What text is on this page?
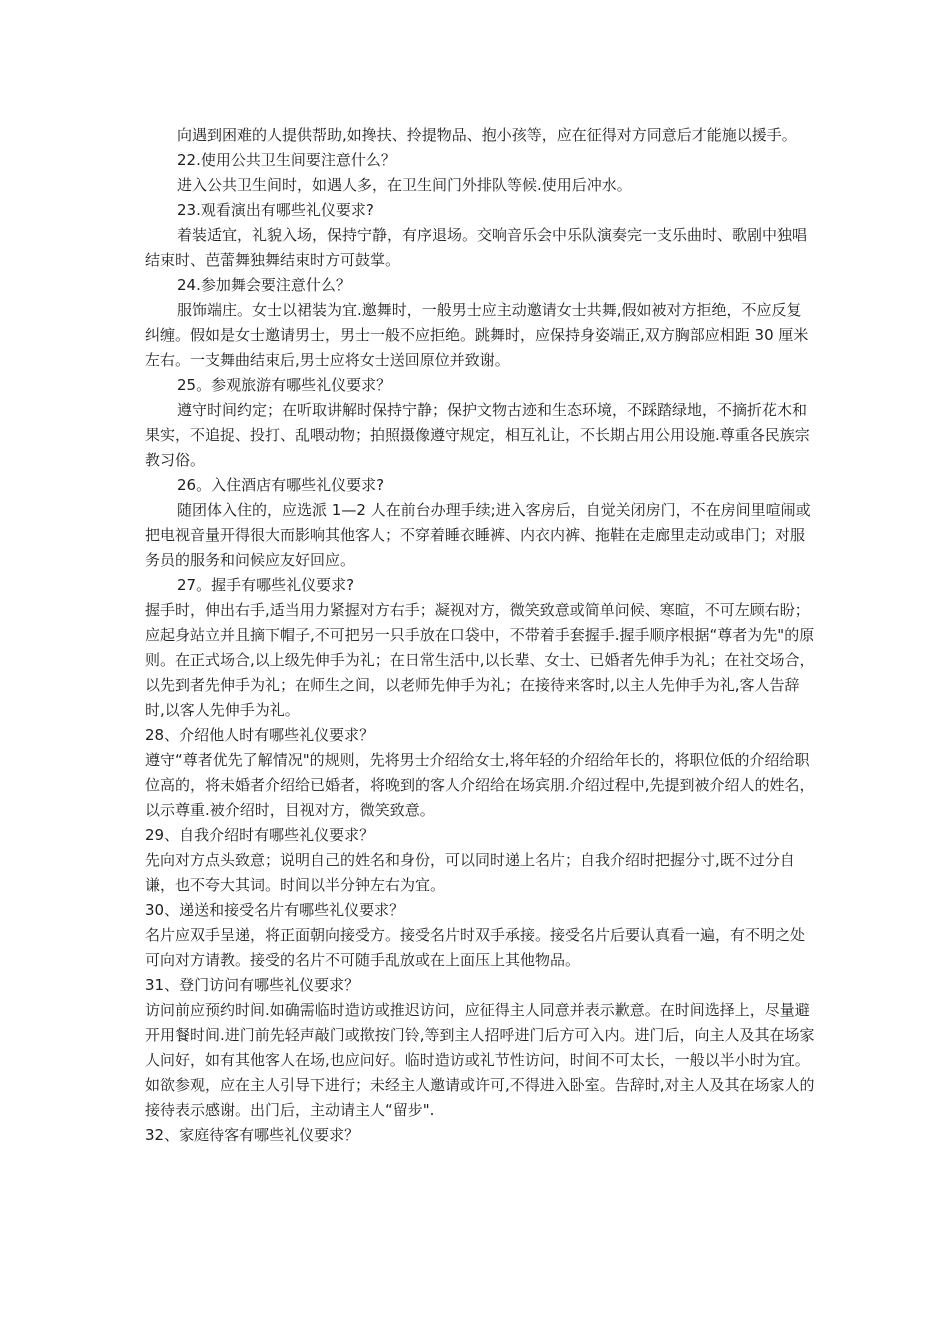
向遇到困难的人提供帮助,如搀扶、拎提物品、抱小孩等，应在征得对方同意后才能施以援手。

22.使用公共卫生间要注意什么？

进入公共卫生间时，如遇人多，在卫生间门外排队等候.使用后冲水。

23.观看演出有哪些礼仪要求?

着装适宜，礼貌入场，保持宁静，有序退场。交响音乐会中乐队演奏完一支乐曲时、歌剧中独唱结束时、芭蕾舞独舞结束时方可鼓掌。

24.参加舞会要注意什么？

服饰端庄。女士以裙装为宜.邀舞时，一般男士应主动邀请女士共舞,假如被对方拒绝，不应反复纠缠。假如是女士邀请男士，男士一般不应拒绝。跳舞时，应保持身姿端正,双方胸部应相距 30 厘米左右。一支舞曲结束后,男士应将女士送回原位并致谢。

25。参观旅游有哪些礼仪要求？

遵守时间约定；在听取讲解时保持宁静；保护文物古迹和生态环境，不踩踏绿地，不摘折花木和果实，不追捉、投打、乱喂动物；拍照摄像遵守规定，相互礼让，不长期占用公用设施.尊重各民族宗教习俗。

26。入住酒店有哪些礼仪要求?

随团体入住的，应选派 1—2 人在前台办理手续;进入客房后，自觉关闭房门，不在房间里喧闹或把电视音量开得很大而影响其他客人；不穿着睡衣睡裤、内衣内裤、拖鞋在走廊里走动或串门；对服务员的服务和问候应友好回应。

27。握手有哪些礼仪要求?

握手时，伸出右手,适当用力紧握对方右手；凝视对方，微笑致意或简单问候、寒暄，不可左顾右盼；应起身站立并且摘下帽子,不可把另一只手放在口袋中，不带着手套握手.握手顺序根据“尊者为先"的原则。在正式场合,以上级先伸手为礼；在日常生活中,以长辈、女士、已婚者先伸手为礼；在社交场合，以先到者先伸手为礼；在师生之间，以老师先伸手为礼；在接待来客时,以主人先伸手为礼,客人告辞时,以客人先伸手为礼。

28、介绍他人时有哪些礼仪要求？

遵守“尊者优先了解情况"的规则，先将男士介绍给女士,将年轻的介绍给年长的，将职位低的介绍给职位高的，将未婚者介绍给已婚者，将晚到的客人介绍给在场宾朋.介绍过程中,先提到被介绍人的姓名，以示尊重.被介绍时，目视对方，微笑致意。

29、自我介绍时有哪些礼仪要求？

先向对方点头致意；说明自己的姓名和身份，可以同时递上名片；自我介绍时把握分寸,既不过分自谦，也不夸大其词。时间以半分钟左右为宜。

30、递送和接受名片有哪些礼仪要求？

名片应双手呈递，将正面朝向接受方。接受名片时双手承接。接受名片后要认真看一遍，有不明之处可向对方请教。接受的名片不可随手乱放或在上面压上其他物品。

31、登门访问有哪些礼仪要求？

访问前应预约时间.如确需临时造访或推迟访问，应征得主人同意并表示歉意。在时间选择上，尽量避开用餐时间.进门前先轻声敲门或揿按门铃,等到主人招呼进门后方可入内。进门后，向主人及其在场家人问好，如有其他客人在场,也应问好。临时造访或礼节性访问，时间不可太长，一般以半小时为宜。如欲参观，应在主人引导下进行；未经主人邀请或许可,不得进入卧室。告辞时,对主人及其在场家人的接待表示感谢。出门后，主动请主人“留步".

32、家庭待客有哪些礼仪要求？
